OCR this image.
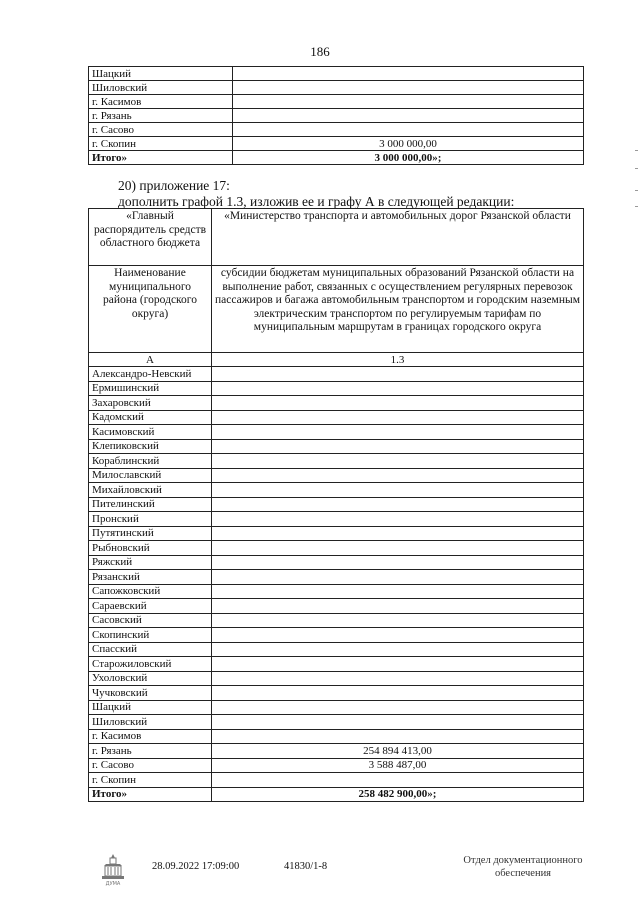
186
Шацкий	
Шиловский	
г. Касимов	
г. Рязань	
г. Сасово	
г. Скопин	3 000 000,00
Итого»	3 000 000,00»;
20) приложение 17:
дополнить графой 1.3, изложив ее и графу А в следующей редакции:
«Главный распорядитель средств областного бюджета	«Министерство транспорта и автомобильных дорог Рязанской области
Наименование муниципального района (городского округа)	субсидии бюджетам муниципальных образований Рязанской области на выполнение работ, связанных с осуществлением регулярных перевозок пассажиров и багажа автомобильным транспортом и городским наземным электрическим транспортом по регулируемым тарифам по муниципальным маршрутам в границах городского округа
А	1.3
Александро-Невский	
Ермишинский	
Захаровский	
Кадомский	
Касимовский	
Клепиковский	
Кораблинский	
Милославский	
Михайловский	
Пителинский	
Пронский	
Путятинский	
Рыбновский	
Ряжский	
Рязанский	
Сапожковский	
Сараевский	
Сасовский	
Скопинский	
Спасский	
Старожиловский	
Ухоловский	
Чучковский	
Шацкий	
Шиловский	
г. Касимов	
г. Рязань	254 894 413,00
г. Сасово	3 588 487,00
г. Скопин	
Итого»	258 482 900,00»;
ДУМА
28.09.2022 17:09:00	41830/1-8
Отдел документационного
обеспечения
